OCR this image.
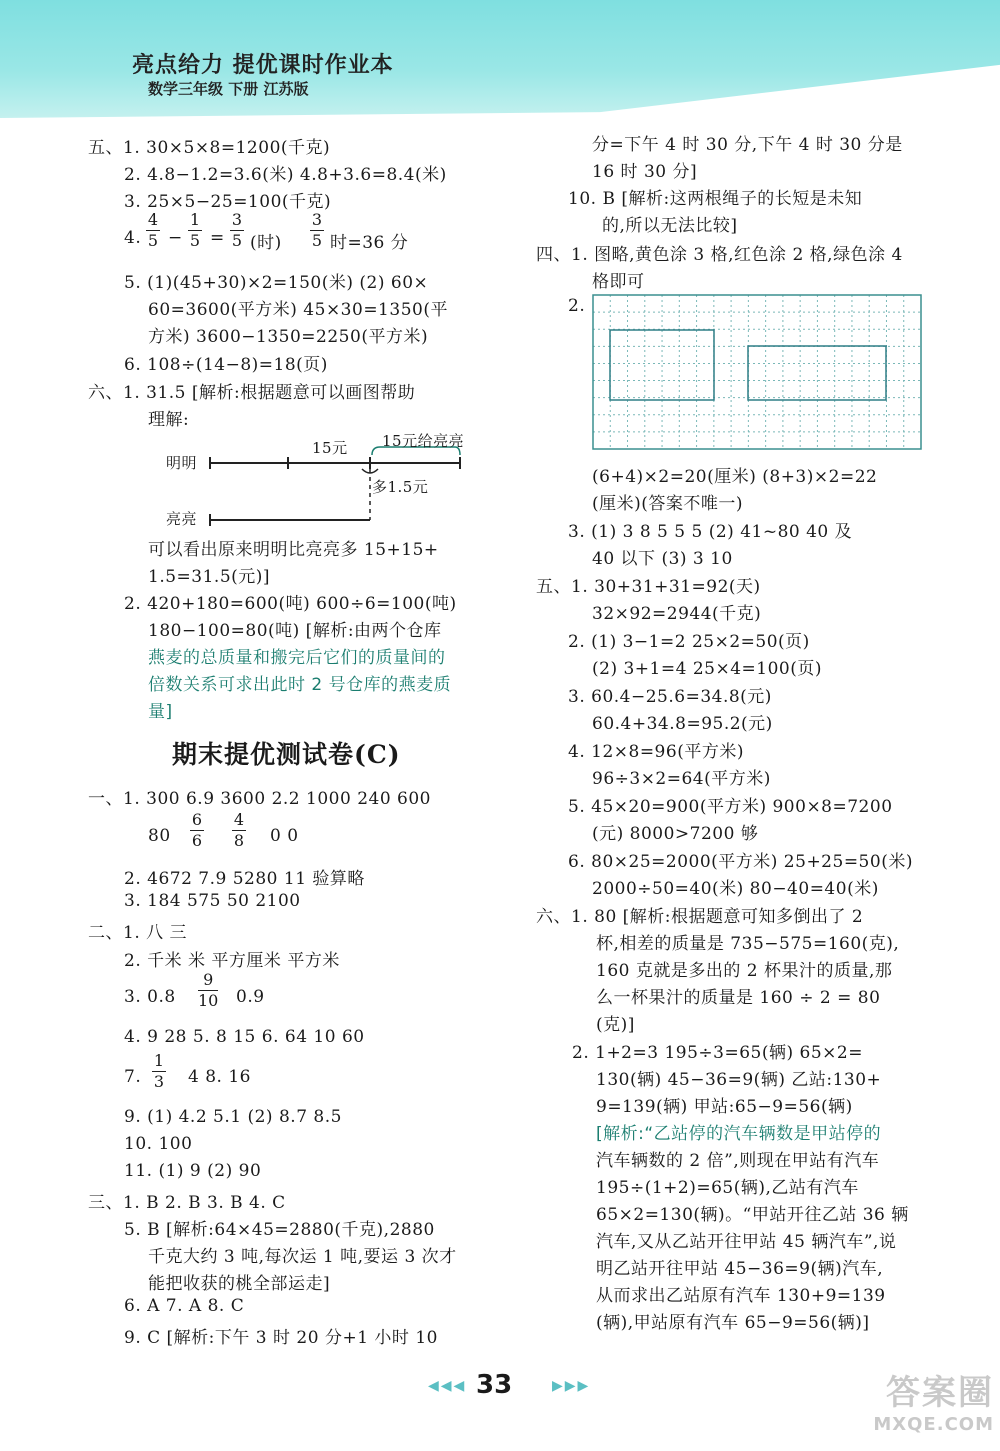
亮点给力 提优课时作业本
数学三年级 下册 江苏版
五、1. 30×5×8=1200(千克)
2. 4.8−1.2=3.6(米) 4.8+3.6=8.4(米)
3. 25×5−25=100(千克)
4.
4
5 −
1
5 =
3
5 (时)
3
5 时=36 分
5. (1)(45+30)×2=150(米) (2) 60×
60=3600(平方米) 45×30=1350(平
方米) 3600−1350=2250(平方米)
6. 108÷(14−8)=18(页)
六、1. 31.5 [解析:根据题意可以画图帮助
理解:
明明
15元 15元给亮亮
多1.5元
亮亮
可以看出原来明明比亮亮多 15+15+
1.5=31.5(元)]
2. 420+180=600(吨) 600÷6=100(吨)
180−100=80(吨) [解析:由两个仓库
燕麦的总质量和搬完后它们的质量间的
倍数关系可求出此时 2 号仓库的燕麦质
量]
期末提优测试卷(C)
一、1. 300 6.9 3600 2.2 1000 240 600
80
6
6
4
8 0 0
2. 4672 7.9 5280 11 验算略
3. 184 575 50 2100
二、1. 八 三
2. 千米 米 平方厘米 平方米
3. 0.8
9
10 0.9
4. 9 28 5. 8 15 6. 64 10 60
7.
1
3 4 8. 16
9. (1) 4.2 5.1 (2) 8.7 8.5
10. 100
11. (1) 9 (2) 90
三、1. B 2. B 3. B 4. C
5. B [解析:64×45=2880(千克),2880
千克大约 3 吨,每次运 1 吨,要运 3 次才
能把收获的桃全部运走]
6. A 7. A 8. C
9. C [解析:下午 3 时 20 分+1 小时 10
分=下午 4 时 30 分,下午 4 时 30 分是
16 时 30 分]
10. B [解析:这两根绳子的长短是未知
的,所以无法比较]
四、1. 图略,黄色涂 3 格,红色涂 2 格,绿色涂 4
格即可
2.
(6+4)×2=20(厘米) (8+3)×2=22
(厘米)(答案不唯一)
3. (1) 3 8 5 5 5 (2) 41~80 40 及
40 以下 (3) 3 10
五、1. 30+31+31=92(天)
32×92=2944(千克)
2. (1) 3−1=2 25×2=50(页)
(2) 3+1=4 25×4=100(页)
3. 60.4−25.6=34.8(元)
60.4+34.8=95.2(元)
4. 12×8=96(平方米)
96÷3×2=64(平方米)
5. 45×20=900(平方米) 900×8=7200
(元) 8000>7200 够
6. 80×25=2000(平方米) 25+25=50(米)
2000÷50=40(米) 80−40=40(米)
六、1. 80 [解析:根据题意可知多倒出了 2
杯,相差的质量是 735−575=160(克),
160 克就是多出的 2 杯果汁的质量,那
么一杯果汁的质量是 160 ÷ 2 = 80
(克)]
2. 1+2=3 195÷3=65(辆) 65×2=
130(辆) 45−36=9(辆) 乙站:130+
9=139(辆) 甲站:65−9=56(辆)
[解析:“乙站停的汽车辆数是甲站停的
汽车辆数的 2 倍”,则现在甲站有汽车
195÷(1+2)=65(辆),乙站有汽车
65×2=130(辆)。“甲站开往乙站 36 辆
汽车,又从乙站开往甲站 45 辆汽车”,说
明乙站开往甲站 45−36=9(辆)汽车,
从而求出乙站原有汽车 130+9=139
(辆),甲站原有汽车 65−9=56(辆)]
◀◀◀ 33	▶▶▶	答案圈
MXQE.COM
